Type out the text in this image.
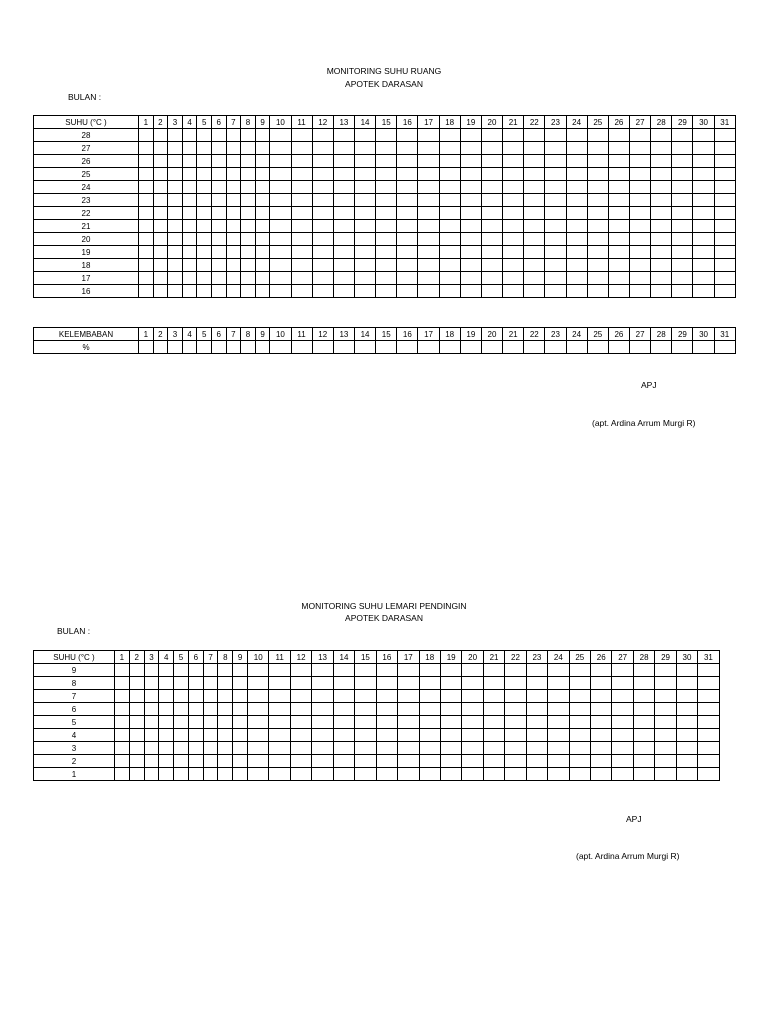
MONITORING SUHU RUANG
APOTEK DARASAN
BULAN :
SUHU (°C )	1	2	3	4	5	6	7	8	9	10	11	12	13	14	15	16	17	18	19	20	21	22	23	24	25	26	27	28	29	30	31
28																															
27																															
26																															
25																															
24																															
23																															
22																															
21																															
20																															
19																															
18																															
17																															
16																															
KELEMBABAN	1	2	3	4	5	6	7	8	9	10	11	12	13	14	15	16	17	18	19	20	21	22	23	24	25	26	27	28	29	30	31
%																															
APJ
(apt. Ardina Arrum Murgi R)
MONITORING SUHU LEMARI PENDINGIN
APOTEK DARASAN
BULAN :
SUHU (°C )	1	2	3	4	5	6	7	8	9	10	11	12	13	14	15	16	17	18	19	20	21	22	23	24	25	26	27	28	29	30	31
9																															
8																															
7																															
6																															
5																															
4																															
3																															
2																															
1																															
APJ
(apt. Ardina Arrum Murgi R)
